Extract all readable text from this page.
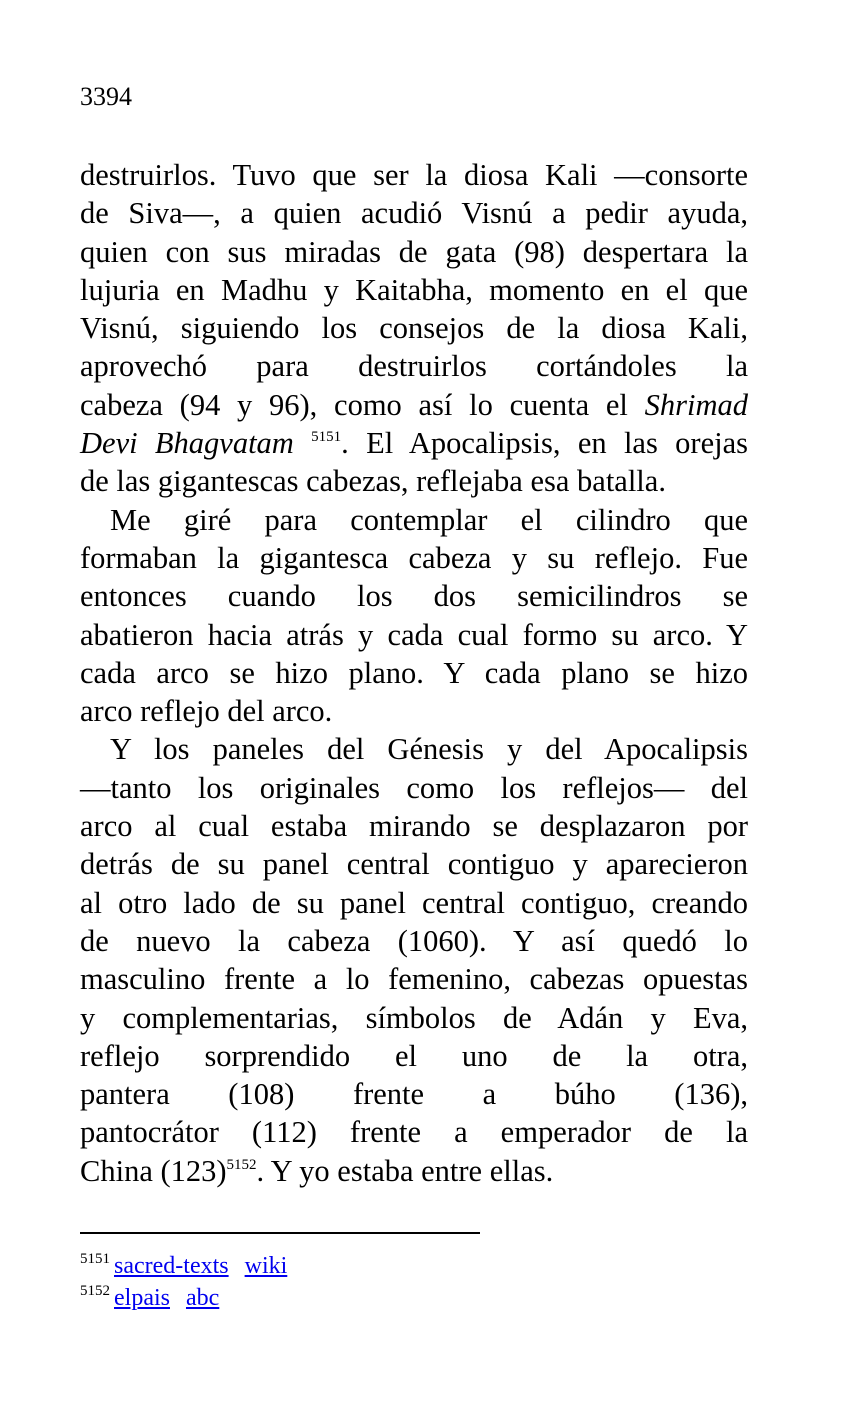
3394
destruirlos. Tuvo que ser la diosa Kali —consorte
de Siva—, a quien acudió Visnú a pedir ayuda,
quien con sus miradas de gata (98) despertara la
lujuria en Madhu y Kaitabha, momento en el que
Visnú, siguiendo los consejos de la diosa Kali,
aprovechó para destruirlos cortándoles la
cabeza (94 y 96), como así lo cuenta el Shrimad
Devi Bhagvatam $^{5151}$. El Apocalipsis, en las orejas
de las gigantescas cabezas, reflejaba esa batalla.
Me giré para contemplar el cilindro que
formaban la gigantesca cabeza y su reflejo. Fue
entonces cuando los dos semicilindros se
abatieron hacia atrás y cada cual formo su arco. Y
cada arco se hizo plano. Y cada plano se hizo
arco reflejo del arco.
Y los paneles del Génesis y del Apocalipsis
—tanto los originales como los reflejos— del
arco al cual estaba mirando se desplazaron por
detrás de su panel central contiguo y aparecieron
al otro lado de su panel central contiguo, creando
de nuevo la cabeza (1060). Y así quedó lo
masculino frente a lo femenino, cabezas opuestas
y complementarias, símbolos de Adán y Eva,
reflejo sorprendido el uno de la otra,
pantera (108) frente a búho (136),
pantocrátor (112) frente a emperador de la
China $(123)^{5152}$. Y yo estaba entre ellas.
$^{5151}$ sacred-texts wiki
$^{5152}$ elpais abc
